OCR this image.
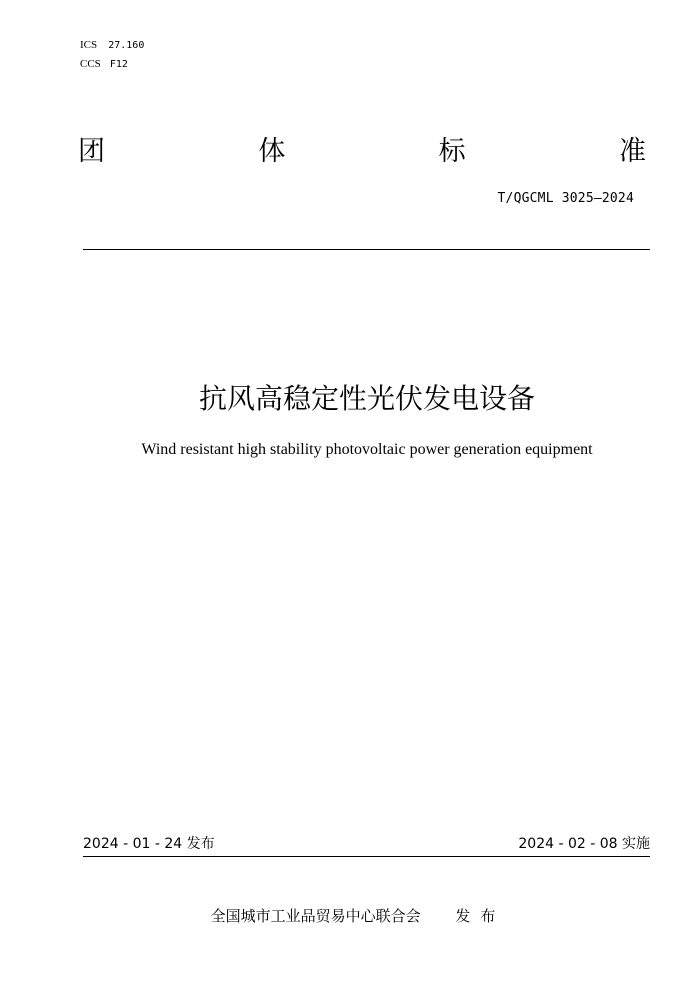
ICS 27.160
CCS F12
团	体	标	准
T/QGCML 3025—2024
抗风高稳定性光伏发电设备
Wind resistant high stability photovoltaic power generation equipment
2024 - 01 - 24 发布	2024 - 02 - 08 实施
全国城市工业品贸易中心联合会 发布
